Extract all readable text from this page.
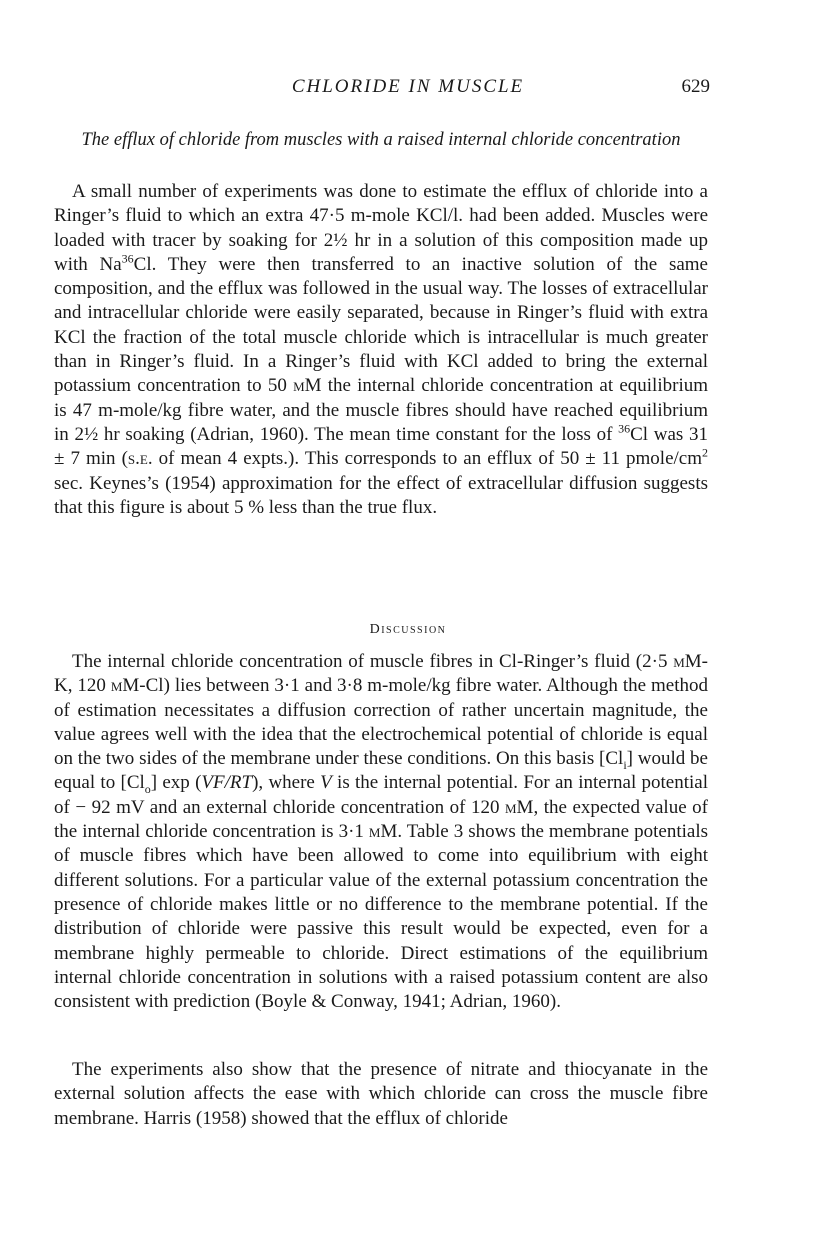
CHLORIDE IN MUSCLE	629
The efflux of chloride from muscles with a raised internal chloride concentration

A small number of experiments was done to estimate the efflux of chloride into a Ringer’s fluid to which an extra 47·5 m-mole KCl/l. had been added. Muscles were loaded with tracer by soaking for 2½ hr in a solution of this composition made up with Na$^{36}$Cl. They were then transferred to an inactive solution of the same composition, and the efflux was followed in the usual way. The losses of extracellular and intracellular chloride were easily separated, because in Ringer’s fluid with extra KCl the fraction of the total muscle chloride which is intracellular is much greater than in Ringer’s fluid. In a Ringer’s fluid with KCl added to bring the external potassium concentration to 50 mM the internal chloride concentration at equilibrium is 47 m-mole/kg fibre water, and the muscle fibres should have reached equilibrium in 2½ hr soaking (Adrian, 1960). The mean time constant for the loss of $^{36}$Cl was 31 ± 7 min (s.e. of mean 4 expts.). This corresponds to an efflux of 50 ± 11 pmole/$cm^2$ sec. Keynes’s (1954) approximation for the effect of extracellular diffusion suggests that this figure is about 5 % less than the true flux.

Discussion

The internal chloride concentration of muscle fibres in Cl-Ringer’s fluid (2·5 mM-K, 120 mM-Cl) lies between 3·1 and 3·8 m-mole/kg fibre water. Although the method of estimation necessitates a diffusion correction of rather uncertain magnitude, the value agrees well with the idea that the electrochemical potential of chloride is equal on the two sides of the membrane under these conditions. On this basis $[Cl_i]$ would be equal to $[Cl_o]$ exp (VF/RT), where V is the internal potential. For an internal potential of − 92 mV and an external chloride concentration of 120 mM, the expected value of the internal chloride concentration is 3·1 mM. Table 3 shows the membrane potentials of muscle fibres which have been allowed to come into equilibrium with eight different solutions. For a particular value of the external potassium concentration the presence of chloride makes little or no difference to the membrane potential. If the distribution of chloride were passive this result would be expected, even for a membrane highly permeable to chloride. Direct estimations of the equilibrium internal chloride concentration in solutions with a raised potassium content are also consistent with prediction (Boyle & Conway, 1941; Adrian, 1960).

The experiments also show that the presence of nitrate and thiocyanate in the external solution affects the ease with which chloride can cross the muscle fibre membrane. Harris (1958) showed that the efflux of chloride
